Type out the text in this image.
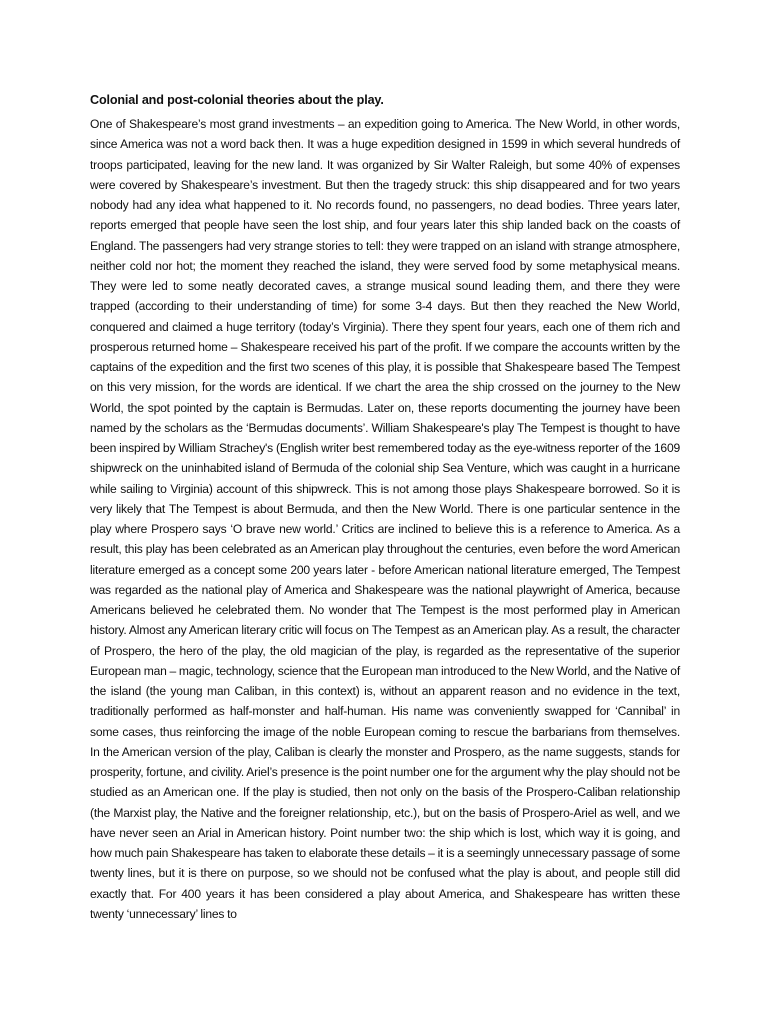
Colonial and post-colonial theories about the play.

One of Shakespeare’s most grand investments – an expedition going to America. The New World, in other words, since America was not a word back then. It was a huge expedition designed in 1599 in which several hundreds of troops participated, leaving for the new land. It was organized by Sir Walter Raleigh, but some 40% of expenses were covered by Shakespeare’s investment. But then the tragedy struck: this ship disappeared and for two years nobody had any idea what happened to it. No records found, no passengers, no dead bodies. Three years later, reports emerged that people have seen the lost ship, and four years later this ship landed back on the coasts of England. The passengers had very strange stories to tell: they were trapped on an island with strange atmosphere, neither cold nor hot; the moment they reached the island, they were served food by some metaphysical means. They were led to some neatly decorated caves, a strange musical sound leading them, and there they were trapped (according to their understanding of time) for some 3-4 days. But then they reached the New World, conquered and claimed a huge territory (today’s Virginia). There they spent four years, each one of them rich and prosperous returned home – Shakespeare received his part of the profit. If we compare the accounts written by the captains of the expedition and the first two scenes of this play, it is possible that Shakespeare based The Tempest on this very mission, for the words are identical. If we chart the area the ship crossed on the journey to the New World, the spot pointed by the captain is Bermudas. Later on, these reports documenting the journey have been named by the scholars as the ‘Bermudas documents’. William Shakespeare's play The Tempest is thought to have been inspired by William Strachey's (English writer best remembered today as the eye-witness reporter of the 1609 shipwreck on the uninhabited island of Bermuda of the colonial ship Sea Venture, which was caught in a hurricane while sailing to Virginia) account of this shipwreck. This is not among those plays Shakespeare borrowed. So it is very likely that The Tempest is about Bermuda, and then the New World. There is one particular sentence in the play where Prospero says ‘O brave new world.’ Critics are inclined to believe this is a reference to America. As a result, this play has been celebrated as an American play throughout the centuries, even before the word American literature emerged as a concept some 200 years later - before American national literature emerged, The Tempest was regarded as the national play of America and Shakespeare was the national playwright of America, because Americans believed he celebrated them. No wonder that The Tempest is the most performed play in American history. Almost any American literary critic will focus on The Tempest as an American play. As a result, the character of Prospero, the hero of the play, the old magician of the play, is regarded as the representative of the superior European man – magic, technology, science that the European man introduced to the New World, and the Native of the island (the young man Caliban, in this context) is, without an apparent reason and no evidence in the text, traditionally performed as half-monster and half-human. His name was conveniently swapped for ‘Cannibal’ in some cases, thus reinforcing the image of the noble European coming to rescue the barbarians from themselves. In the American version of the play, Caliban is clearly the monster and Prospero, as the name suggests, stands for prosperity, fortune, and civility. Ariel’s presence is the point number one for the argument why the play should not be studied as an American one. If the play is studied, then not only on the basis of the Prospero-Caliban relationship (the Marxist play, the Native and the foreigner relationship, etc.), but on the basis of Prospero-Ariel as well, and we have never seen an Arial in American history. Point number two: the ship which is lost, which way it is going, and how much pain Shakespeare has taken to elaborate these details – it is a seemingly unnecessary passage of some twenty lines, but it is there on purpose, so we should not be confused what the play is about, and people still did exactly that. For 400 years it has been considered a play about America, and Shakespeare has written these twenty ‘unnecessary’ lines to
